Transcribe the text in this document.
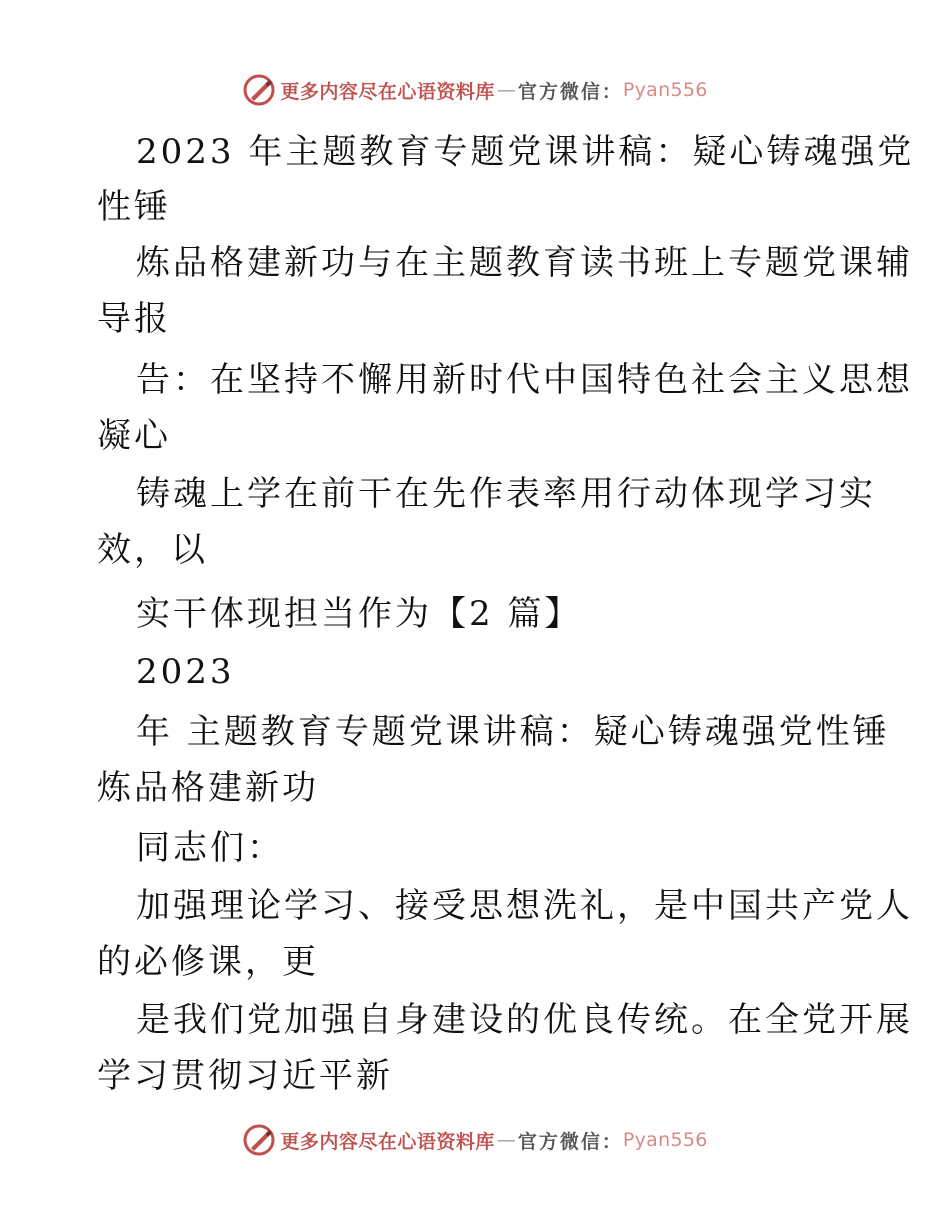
更多内容尽在心语资料库 — 官方微信： Pyan556
2023 年主题教育专题党课讲稿：疑心铸魂强党
性锤
炼品格建新功与在主题教育读书班上专题党课辅
导报
告：在坚持不懈用新时代中国特色社会主义思想
凝心
铸魂上学在前干在先作表率用行动体现学习实
效，以
实干体现担当作为【2 篇】
2023
年 主题教育专题党课讲稿：疑心铸魂强党性锤
炼品格建新功
同志们：
加强理论学习、接受思想洗礼，是中国共产党人
的必修课，更
是我们党加强自身建设的优良传统。在全党开展
学习贯彻习近平新
更多内容尽在心语资料库 — 官方微信： Pyan556
